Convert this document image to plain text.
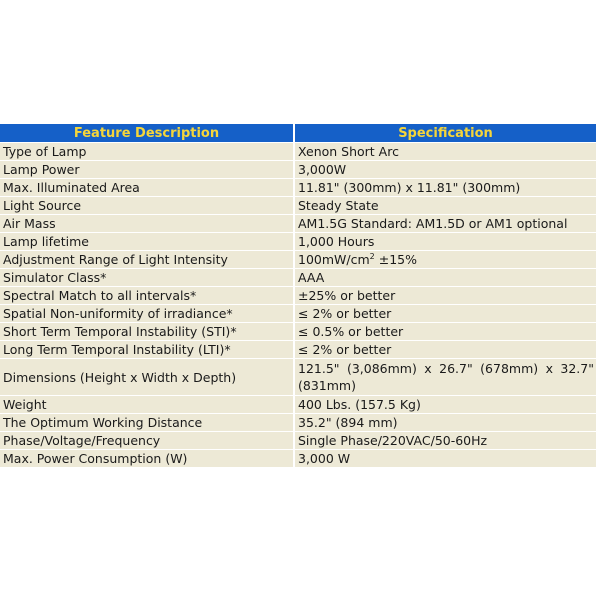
Feature Description	Specification
Type of Lamp	Xenon Short Arc
Lamp Power	3,000W
Max. Illuminated Area	11.81" (300mm) x 11.81" (300mm)
Light Source	Steady State
Air Mass	AM1.5G Standard: AM1.5D or AM1 optional
Lamp lifetime	1,000 Hours
Adjustment Range of Light Intensity	$100mW/cm^2 \pm 15\%$
Simulator Class*	AAA
Spectral Match to all intervals*	±25% or better
Spatial Non-uniformity of irradiance*	≤ 2% or better
Short Term Temporal Instability (STI)*	≤ 0.5% or better
Long Term Temporal Instability (LTI)*	≤ 2% or better
Dimensions (Height x Width x Depth)	121.5" (3,086mm) x 26.7" (678mm) x 32.7" (831mm)
Weight	400 Lbs. (157.5 Kg)
The Optimum Working Distance	35.2" (894 mm)
Phase/Voltage/Frequency	Single Phase/220VAC/50-60Hz
Max. Power Consumption (W)	3,000 W
